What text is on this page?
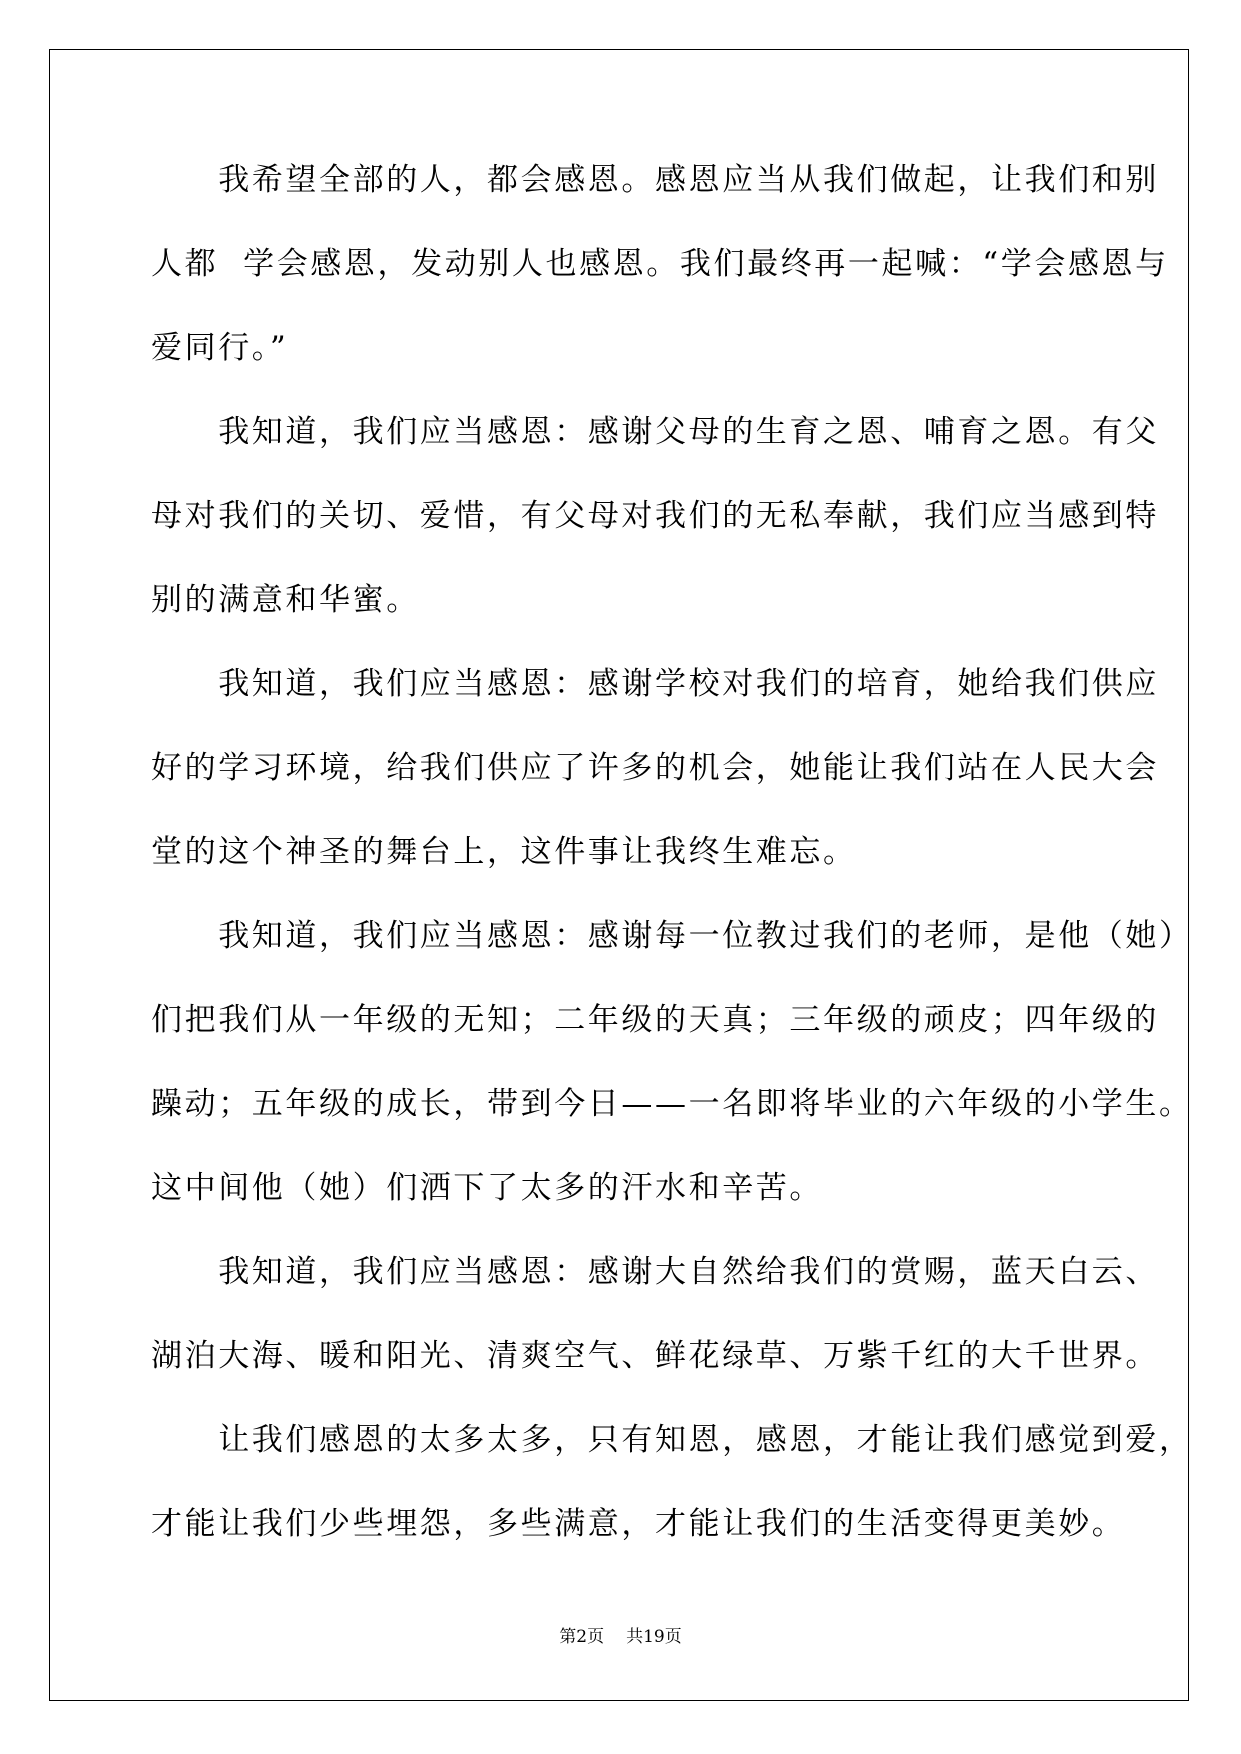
　　我希望全部的人，都会感恩。感恩应当从我们做起，让我们和别
人都  学会感恩，发动别人也感恩。我们最终再一起喊：“学会感恩与
爱同行。”
　　我知道，我们应当感恩：感谢父母的生育之恩、哺育之恩。有父
母对我们的关切、爱惜，有父母对我们的无私奉献，我们应当感到特
别的满意和华蜜。
　　我知道，我们应当感恩：感谢学校对我们的培育，她给我们供应
好的学习环境，给我们供应了许多的机会，她能让我们站在人民大会
堂的这个神圣的舞台上，这件事让我终生难忘。
　　我知道，我们应当感恩：感谢每一位教过我们的老师，是他（她）
们把我们从一年级的无知；二年级的天真；三年级的顽皮；四年级的
躁动；五年级的成长，带到今日——一名即将毕业的六年级的小学生。
这中间他（她）们洒下了太多的汗水和辛苦。
　　我知道，我们应当感恩：感谢大自然给我们的赏赐，蓝天白云、
湖泊大海、暖和阳光、清爽空气、鲜花绿草、万紫千红的大千世界。
　　让我们感恩的太多太多，只有知恩，感恩，才能让我们感觉到爱，
才能让我们少些埋怨，多些满意，才能让我们的生活变得更美妙。
第2页 共19页
